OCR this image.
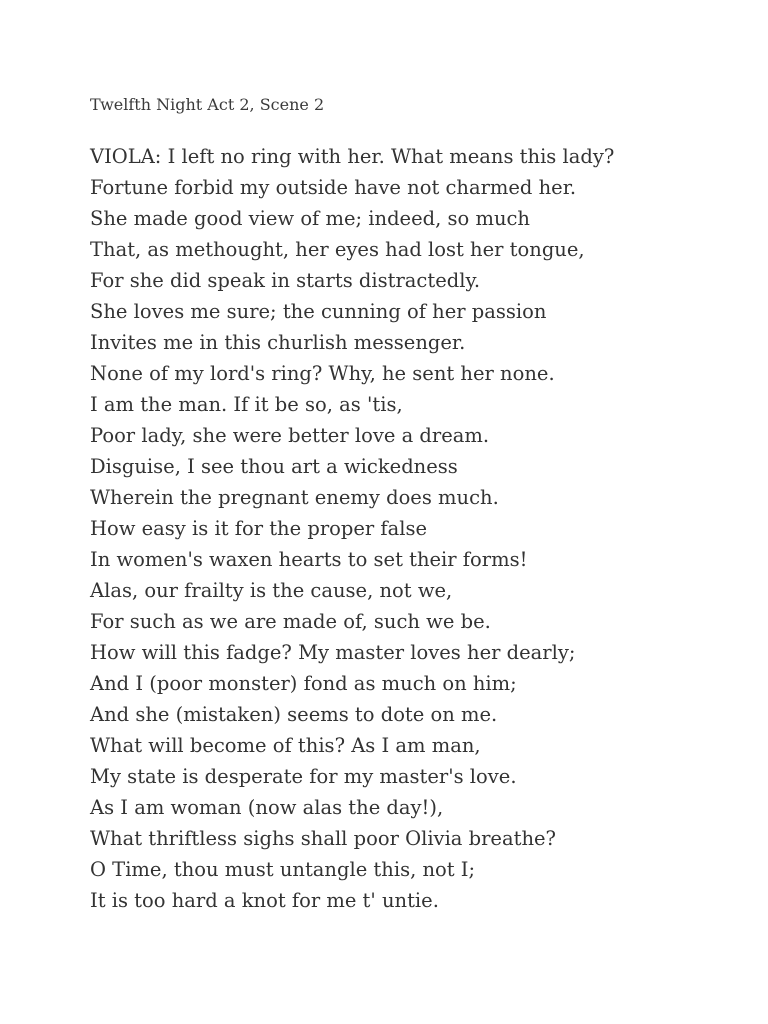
Twelfth Night Act 2, Scene 2
VIOLA: I left no ring with her. What means this lady?
Fortune forbid my outside have not charmed her.
She made good view of me; indeed, so much
That, as methought, her eyes had lost her tongue,
For she did speak in starts distractedly.
She loves me sure; the cunning of her passion
Invites me in this churlish messenger.
None of my lord's ring? Why, he sent her none.
I am the man. If it be so, as 'tis,
Poor lady, she were better love a dream.
Disguise, I see thou art a wickedness
Wherein the pregnant enemy does much.
How easy is it for the proper false
In women's waxen hearts to set their forms!
Alas, our frailty is the cause, not we,
For such as we are made of, such we be.
How will this fadge? My master loves her dearly;
And I (poor monster) fond as much on him;
And she (mistaken) seems to dote on me.
What will become of this? As I am man,
My state is desperate for my master's love.
As I am woman (now alas the day!),
What thriftless sighs shall poor Olivia breathe?
O Time, thou must untangle this, not I;
It is too hard a knot for me t' untie.
